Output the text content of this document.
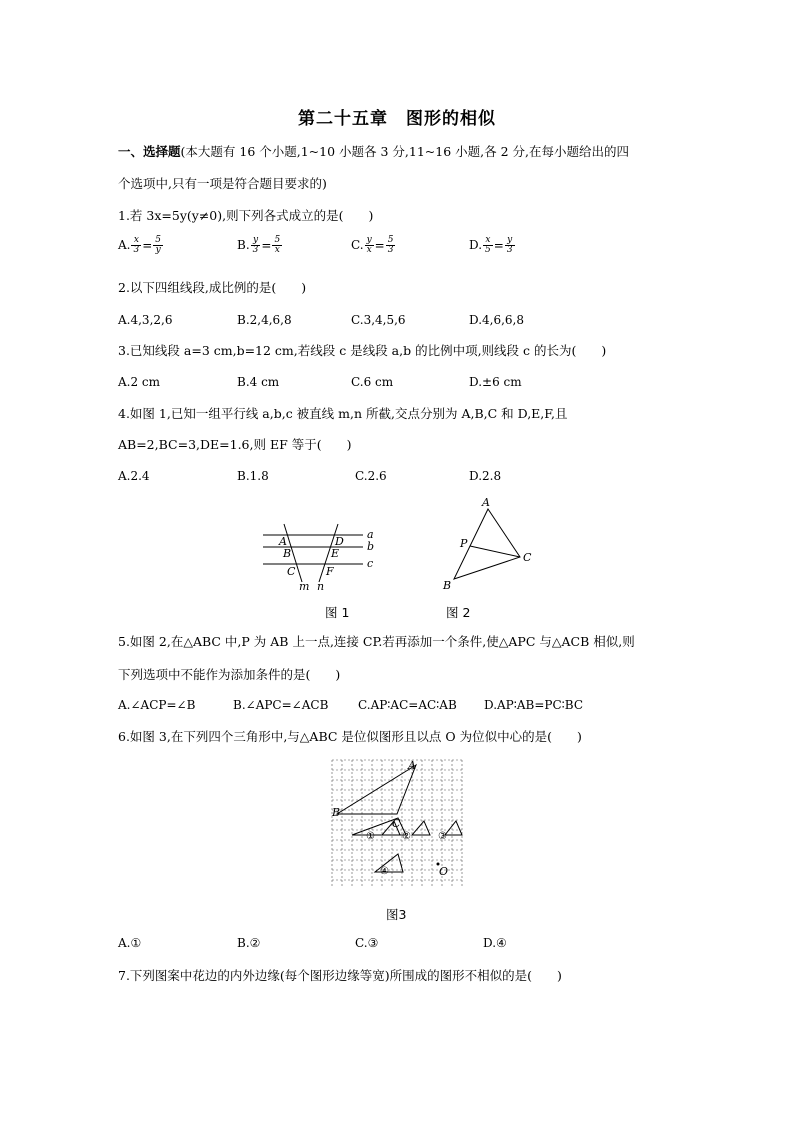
第二十五章　图形的相似
一、选择题(本大题有 16 个小题,1~10 小题各 3 分,11~16 小题,各 2 分,在每小题给出的四
个选项中,只有一项是符合题目要求的)
1.若 3x=5y(y≠0),则下列各式成立的是(　　)
A. $\frac{x}{3} = \frac{5}{y}$	B. $\frac{y}{3} = \frac{5}{x}$	C. $\frac{y}{x} = \frac{5}{3}$	D. $\frac{x}{5} = \frac{y}{3}$
2.以下四组线段,成比例的是(　　)
A.4,3,2,6	B.2,4,6,8	C.3,4,5,6	D.4,6,6,8
3.已知线段 a=3 cm,b=12 cm,若线段 c 是线段 a,b 的比例中项,则线段 c 的长为(　　)
A.2 cm	B.4 cm	C.6 cm	D.±6 cm
4.如图 1,已知一组平行线 a,b,c 被直线 m,n 所截,交点分别为 A,B,C 和 D,E,F,且
AB=2,BC=3,DE=1.6,则 EF 等于(　　)
A.2.4	B.1.8	C.2.6	D.2.8
a
b
c
A
B
C
D
E
F
m n
图 1
A
B
C
P
图 2
5.如图 2,在△ABC 中,P 为 AB 上一点,连接 CP.若再添加一个条件,使△APC 与△ACB 相似,则
下列选项中不能作为添加条件的是(　　)
A.∠ACP=∠B	B.∠APC=∠ACB C.AP∶AC=AC∶AB D.AP∶AB=PC∶BC
6.如图 3,在下列四个三角形中,与△ABC 是位似图形且以点 O 为位似中心的是(　　)
A
B
C
O
①	②	③
④
图3
A.①	B.②	C.③	D.④
7.下列图案中花边的内外边缘(每个图形边缘等宽)所围成的图形不相似的是(　　)
